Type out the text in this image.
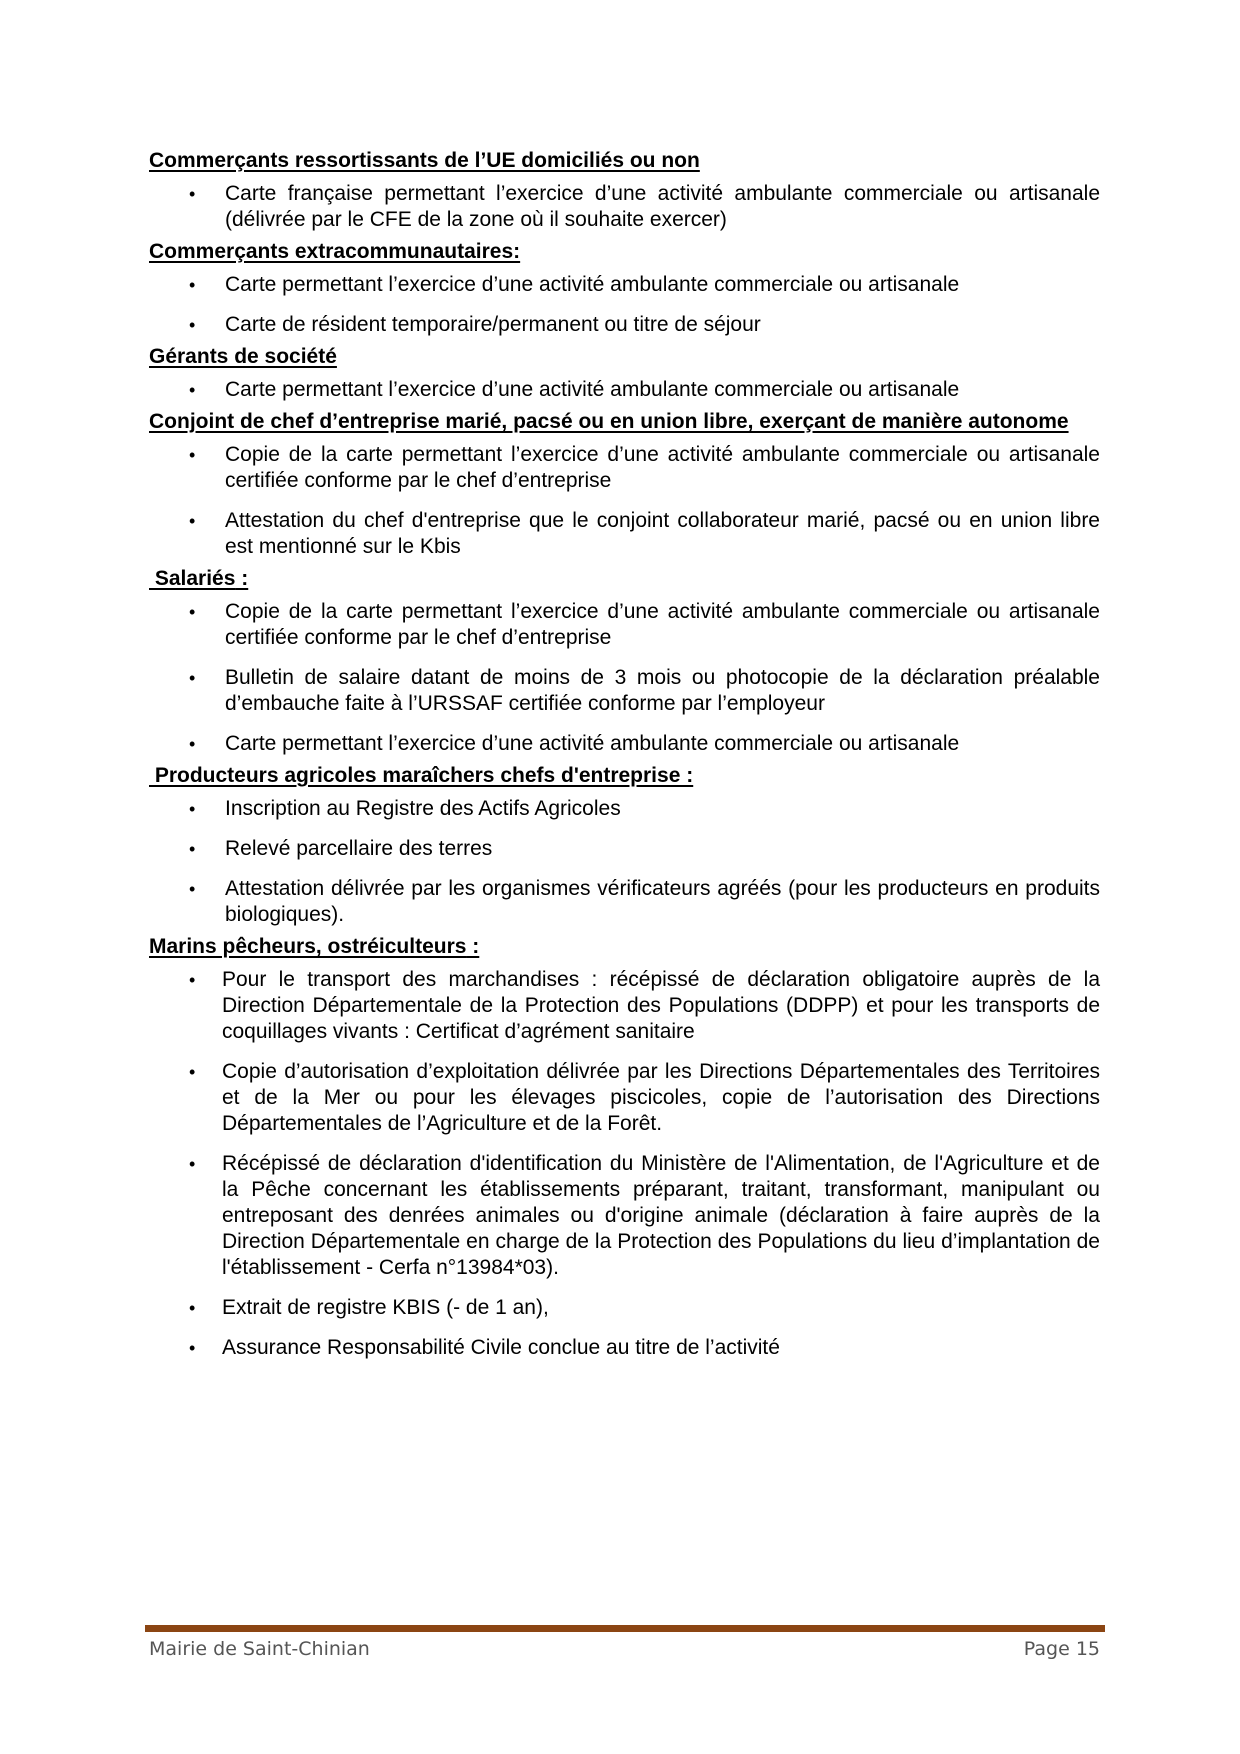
Commerçants ressortissants de l’UE domiciliés ou non

• Carte française permettant l’exercice d’une activité ambulante commerciale ou artisanale (délivrée par le CFE de la zone où il souhaite exercer)

Commerçants extracommunautaires:

• Carte permettant l’exercice d’une activité ambulante commerciale ou artisanale
• Carte de résident temporaire/permanent ou titre de séjour

Gérants de société

• Carte permettant l’exercice d’une activité ambulante commerciale ou artisanale

Conjoint de chef d’entreprise marié, pacsé ou en union libre, exerçant de manière autonome

• Copie de la carte permettant l’exercice d’une activité ambulante commerciale ou artisanale certifiée conforme par le chef d’entreprise
• Attestation du chef d'entreprise que le conjoint collaborateur marié, pacsé ou en union libre est mentionné sur le Kbis

Salariés :

• Copie de la carte permettant l’exercice d’une activité ambulante commerciale ou artisanale certifiée conforme par le chef d’entreprise
• Bulletin de salaire datant de moins de 3 mois ou photocopie de la déclaration préalable d’embauche faite à l’URSSAF certifiée conforme par l’employeur
• Carte permettant l’exercice d’une activité ambulante commerciale ou artisanale

Producteurs agricoles maraîchers chefs d'entreprise :

• Inscription au Registre des Actifs Agricoles
• Relevé parcellaire des terres
• Attestation délivrée par les organismes vérificateurs agréés (pour les producteurs en produits biologiques).

Marins pêcheurs, ostréiculteurs :

• Pour le transport des marchandises : récépissé de déclaration obligatoire auprès de la Direction Départementale de la Protection des Populations (DDPP) et pour les transports de coquillages vivants : Certificat d’agrément sanitaire
• Copie d’autorisation d’exploitation délivrée par les Directions Départementales des Territoires et de la Mer ou pour les élevages piscicoles, copie de l’autorisation des Directions Départementales de l’Agriculture et de la Forêt.
• Récépissé de déclaration d'identification du Ministère de l'Alimentation, de l'Agriculture et de la Pêche concernant les établissements préparant, traitant, transformant, manipulant ou entreposant des denrées animales ou d'origine animale (déclaration à faire auprès de la Direction Départementale en charge de la Protection des Populations du lieu d’implantation de l'établissement - Cerfa n°13984*03).
• Extrait de registre KBIS (- de 1 an),
• Assurance Responsabilité Civile conclue au titre de l’activité
Mairie de Saint-Chinian	Page 15
